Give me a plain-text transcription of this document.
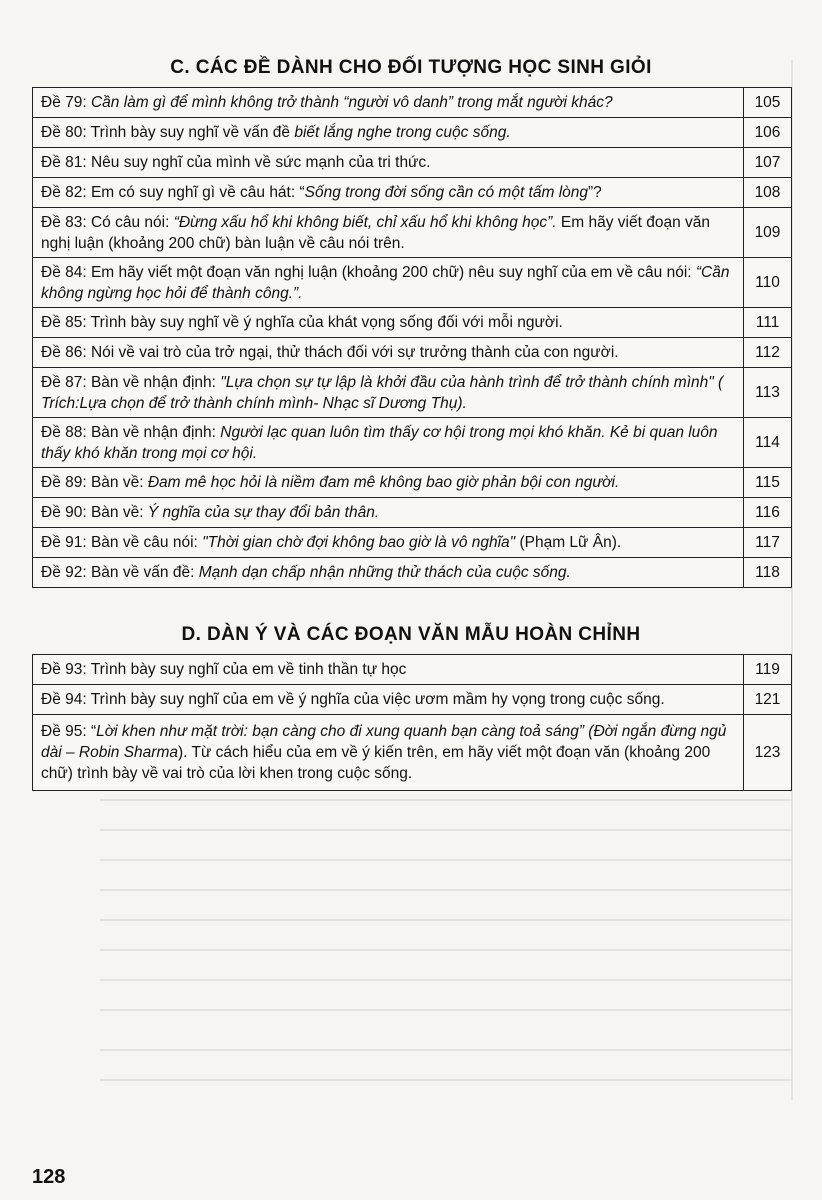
C. CÁC ĐỀ DÀNH CHO ĐỐI TƯỢNG HỌC SINH GIỎI
Đề 79: Cần làm gì để mình không trở thành “người vô danh” trong mắt người khác?	105
Đề 80: Trình bày suy nghĩ về vấn đề biết lắng nghe trong cuộc sống.	106
Đề 81: Nêu suy nghĩ của mình về sức mạnh của tri thức.	107
Đề 82: Em có suy nghĩ gì về câu hát: “Sống trong đời sống cần có một tấm lòng”?	108
Đề 83: Có câu nói: “Đừng xấu hổ khi không biết, chỉ xấu hổ khi không học”. Em hãy viết đoạn văn nghị luận (khoảng 200 chữ) bàn luận về câu nói trên.	109
Đề 84: Em hãy viết một đoạn văn nghị luận (khoảng 200 chữ) nêu suy nghĩ của em về câu nói: “Cần không ngừng học hỏi để thành công.”.	110
Đề 85: Trình bày suy nghĩ về ý nghĩa của khát vọng sống đối với mỗi người.	111
Đề 86: Nói về vai trò của trở ngại, thử thách đối với sự trưởng thành của con người.	112
Đề 87: Bàn về nhận định: "Lựa chọn sự tự lập là khởi đầu của hành trình để trở thành chính mình" ( Trích:Lựa chọn để trở thành chính mình- Nhạc sĩ Dương Thụ).	113
Đề 88: Bàn về nhận định: Người lạc quan luôn tìm thấy cơ hội trong mọi khó khăn. Kẻ bi quan luôn thấy khó khăn trong mọi cơ hội.	114
Đề 89: Bàn về: Đam mê học hỏi là niềm đam mê không bao giờ phản bội con người.	115
Đề 90: Bàn về: Ý nghĩa của sự thay đổi bản thân.	116
Đề 91: Bàn về câu nói: "Thời gian chờ đợi không bao giờ là vô nghĩa" (Phạm Lữ Ân).	117
Đề 92: Bàn về vấn đề: Mạnh dạn chấp nhận những thử thách của cuộc sống.	118
D. DÀN Ý VÀ CÁC ĐOẠN VĂN MẪU HOÀN CHỈNH
Đề 93: Trình bày suy nghĩ của em về tinh thần tự học	119
Đề 94: Trình bày suy nghĩ của em về ý nghĩa của việc ươm mầm hy vọng trong cuộc sống.	121
Đề 95: “Lời khen như mặt trời: bạn càng cho đi xung quanh bạn càng toả sáng” (Đời ngắn đừng ngủ dài – Robin Sharma). Từ cách hiểu của em về ý kiến trên, em hãy viết một đoạn văn (khoảng 200 chữ) trình bày về vai trò của lời khen trong cuộc sống.	123
128
